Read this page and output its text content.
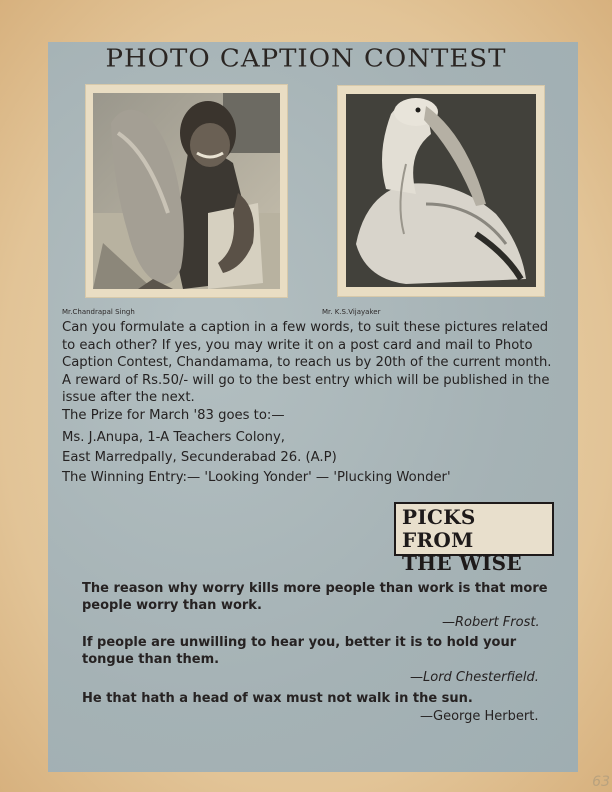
PHOTO CAPTION CONTEST
Mr.Chandrapal Singh	Mr. K.S.Vijayaker
Can you formulate a caption in a few words, to suit these pictures related to each other? If yes, you may write it on a post card and mail to Photo Caption Contest, Chandamama, to reach us by 20th of the current month. A reward of Rs.50/- will go to the best entry which will be published in the issue after the next.
The Prize for March '83 goes to:—
Ms. J.Anupa, 1-A Teachers Colony,
East Marredpally, Secunderabad 26. (A.P)
The Winning Entry:— 'Looking Yonder' — 'Plucking Wonder'
PICKS FROM
THE WISE
The reason why worry kills more people than work is that more people worry than work.
—Robert Frost.
If people are unwilling to hear you, better it is to hold your tongue than them.
—Lord Chesterfield.
He that hath a head of wax must not walk in the sun.
—George Herbert.
63
